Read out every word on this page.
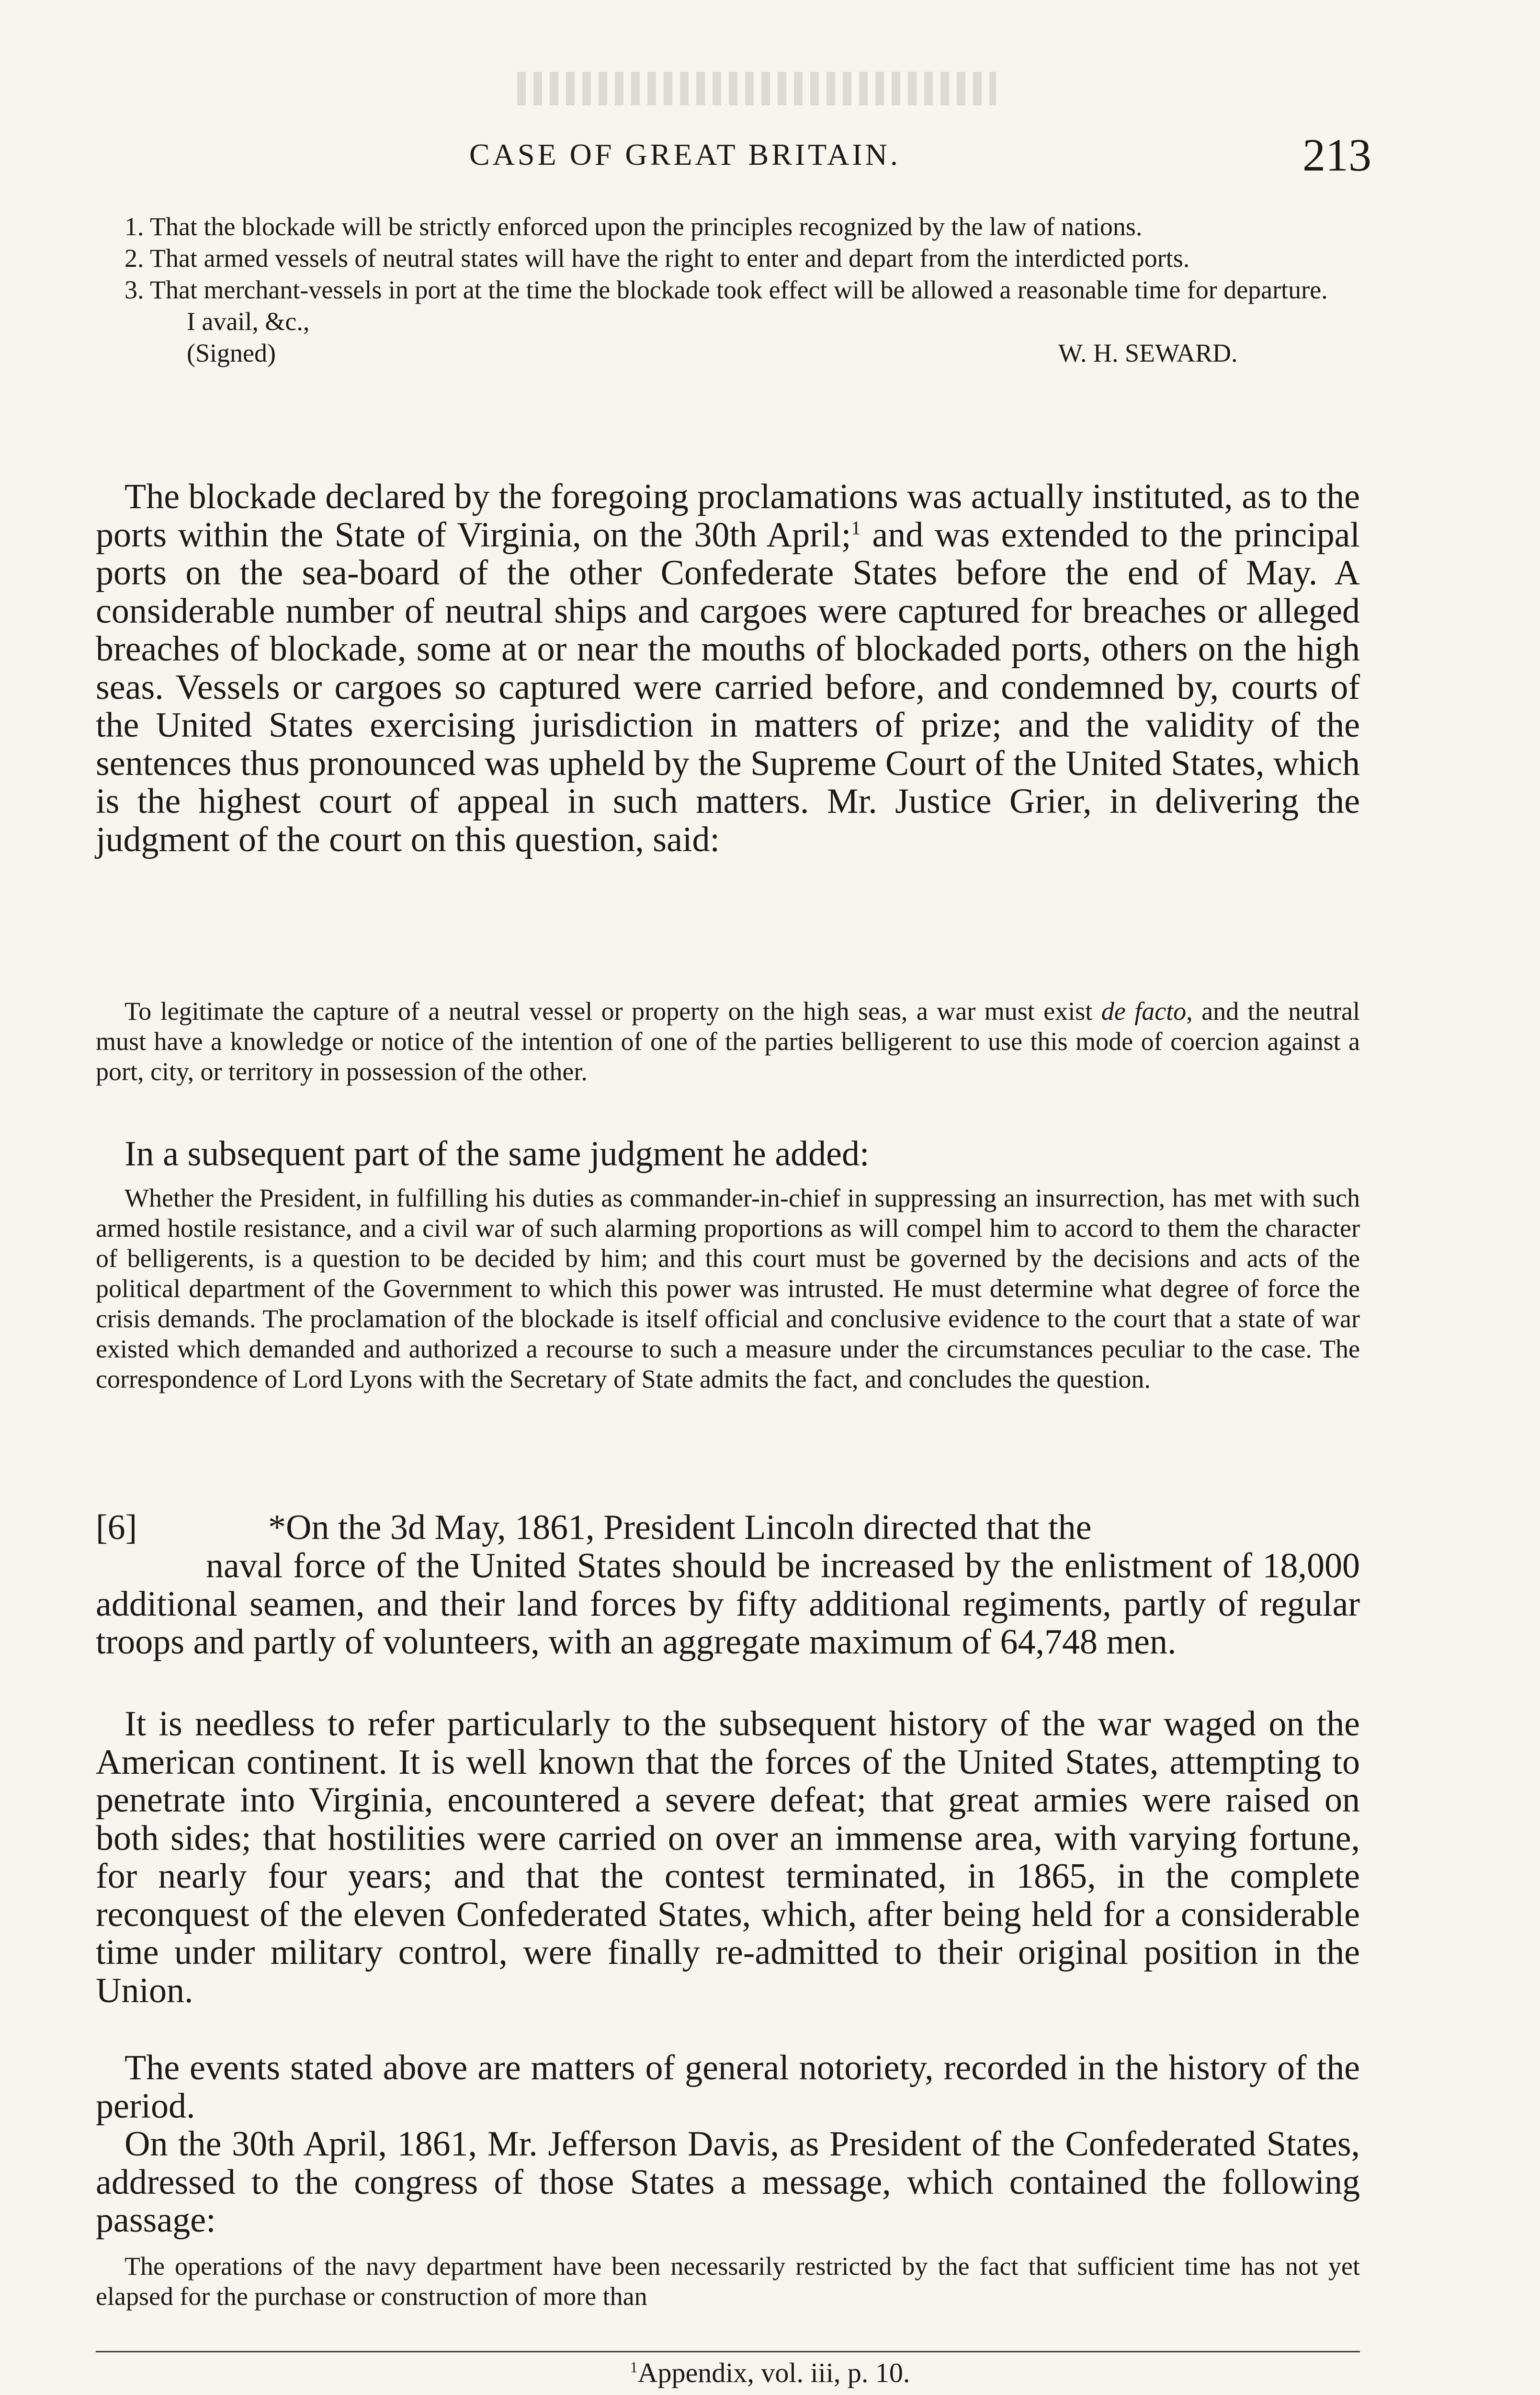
CASE OF GREAT BRITAIN.	213

1. That the blockade will be strictly enforced upon the principles recognized by the law of nations.

2. That armed vessels of neutral states will have the right to enter and depart from the interdicted ports.

3. That merchant-vessels in port at the time the blockade took effect will be allowed a reasonable time for departure.

I avail, &c.,

(Signed)	W. H. SEWARD.

The blockade declared by the foregoing proclamations was actually instituted, as to the ports within the State of Virginia, on the 30th April;$^1$ and was extended to the principal ports on the sea-board of the other Confederate States before the end of May. A considerable number of neutral ships and cargoes were captured for breaches or alleged breaches of blockade, some at or near the mouths of blockaded ports, others on the high seas. Vessels or cargoes so captured were carried before, and condemned by, courts of the United States exercising jurisdiction in matters of prize; and the validity of the sentences thus pronounced was upheld by the Supreme Court of the United States, which is the highest court of appeal in such matters. Mr. Justice Grier, in delivering the judgment of the court on this question, said:

To legitimate the capture of a neutral vessel or property on the high seas, a war must exist de facto, and the neutral must have a knowledge or notice of the intention of one of the parties belligerent to use this mode of coercion against a port, city, or territory in possession of the other.

In a subsequent part of the same judgment he added:

Whether the President, in fulfilling his duties as commander-in-chief in suppressing an insurrection, has met with such armed hostile resistance, and a civil war of such alarming proportions as will compel him to accord to them the character of belligerents, is a question to be decided by him; and this court must be governed by the decisions and acts of the political department of the Government to which this power was intrusted. He must determine what degree of force the crisis demands. The proclamation of the blockade is itself official and conclusive evidence to the court that a state of war existed which demanded and authorized a recourse to such a measure under the circumstances peculiar to the case. The correspondence of Lord Lyons with the Secretary of State admits the fact, and concludes the question.

[6]	*On the 3d May, 1861, President Lincoln directed that the

naval force of the United States should be increased by the enlistment of 18,000 additional seamen, and their land forces by fifty additional regiments, partly of regular troops and partly of volunteers, with an aggregate maximum of 64,748 men.

It is needless to refer particularly to the subsequent history of the war waged on the American continent. It is well known that the forces of the United States, attempting to penetrate into Virginia, encountered a severe defeat; that great armies were raised on both sides; that hostilities were carried on over an immense area, with varying fortune, for nearly four years; and that the contest terminated, in 1865, in the complete reconquest of the eleven Confederated States, which, after being held for a considerable time under military control, were finally re-admitted to their original position in the Union.

The events stated above are matters of general notoriety, recorded in the history of the period.

On the 30th April, 1861, Mr. Jefferson Davis, as President of the Confederated States, addressed to the congress of those States a message, which contained the following passage:

The operations of the navy department have been necessarily restricted by the fact that sufficient time has not yet elapsed for the purchase or construction of more than

$^1$Appendix, vol. iii, p. 10.
